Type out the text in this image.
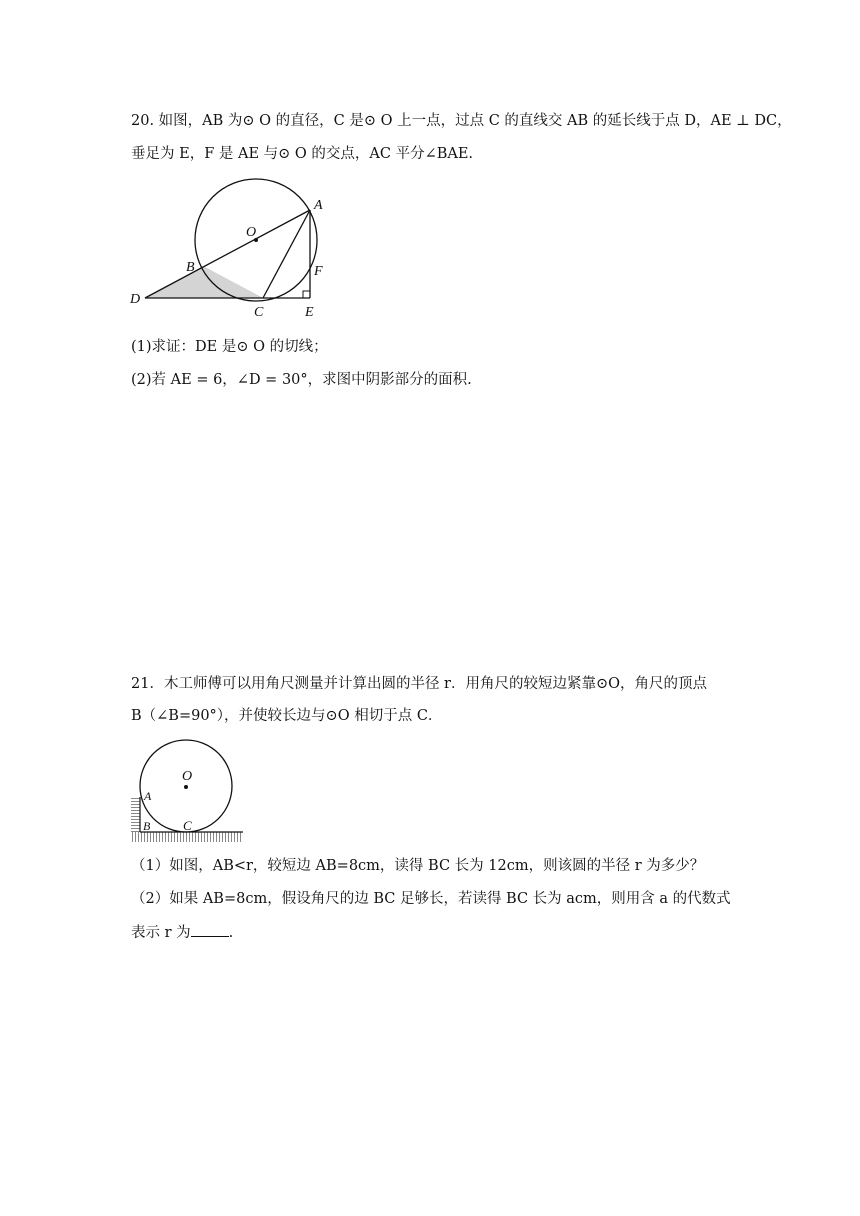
20. 如图，AB 为⊙ O 的直径，C 是⊙ O 上一点，过点 C 的直线交 AB 的延长线于点 D，AE ⊥ DC，
垂足为 E，F 是 AE 与⊙ O 的交点，AC 平分∠BAE.
A
O
B	F
D
C	E
(1)求证：DE 是⊙ O 的切线；
(2)若 AE = 6，∠D = 30°，求图中阴影部分的面积.
21．木工师傅可以用角尺测量并计算出圆的半径 r．用角尺的较短边紧靠⊙O，角尺的顶点
B（∠B=90°），并使较长边与⊙O 相切于点 C．
O
A
B	C
（1）如图，AB<r，较短边 AB=8cm，读得 BC 长为 12cm，则该圆的半径 r 为多少？
（2）如果 AB=8cm，假设角尺的边 BC 足够长，若读得 BC 长为 acm，则用含 a 的代数式
表示 r 为	.
